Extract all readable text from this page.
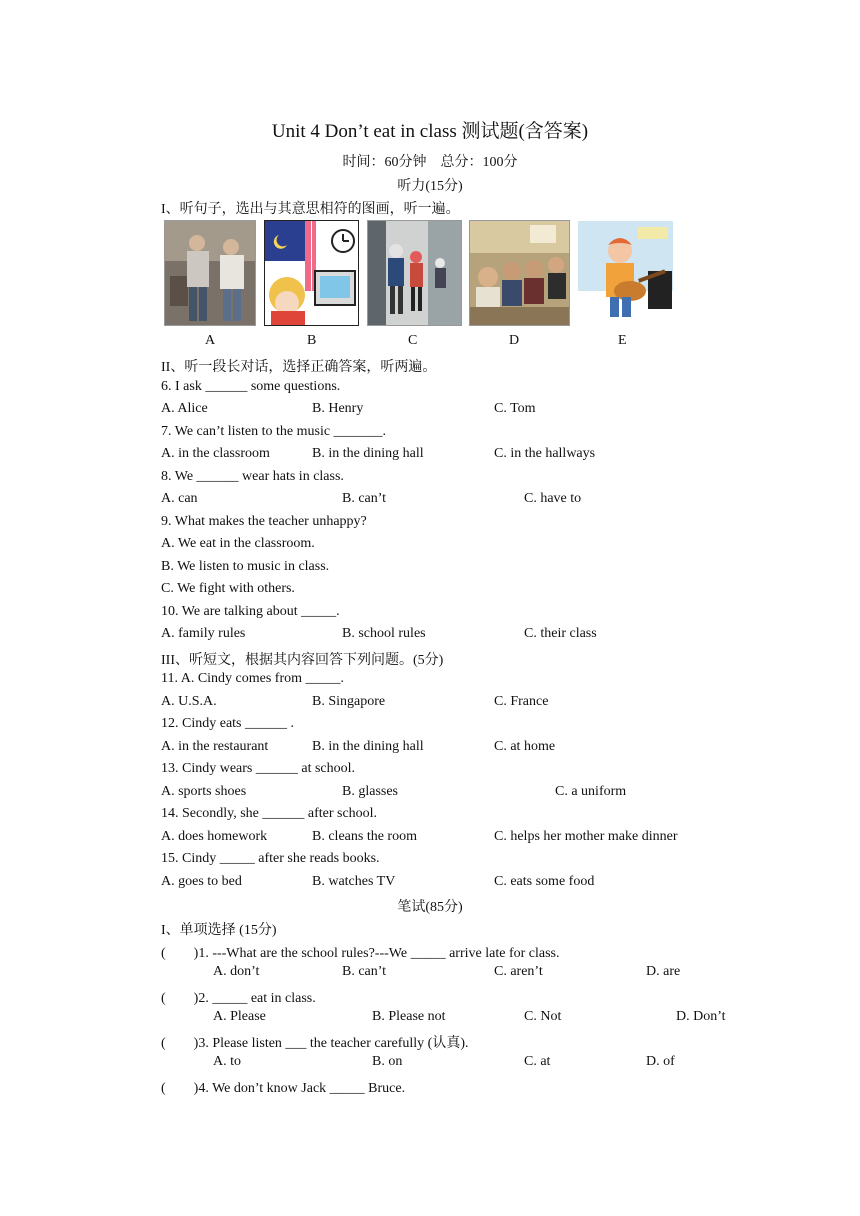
Unit 4 Don’t eat in class 测试题(含答案)
时间：60分钟　总分：100分
听力(15分)
I、听句子，选出与其意思相符的图画，听一遍。
A	B	C	D	E
II、听一段长对话，选择正确答案，听两遍。
6. I ask ______ some questions.
A. Alice	B. Henry	C. Tom
7. We can’t listen to the music _______.
A. in the classroom	B. in the dining hall	C. in the hallways
8. We ______ wear hats in class.
A. can	B. can’t	C. have to
9. What makes the teacher unhappy?
A. We eat in the classroom.
B. We listen to music in class.
C. We fight with others.
10. We are talking about _____.
A. family rules	B. school rules	C. their class
III、听短文，根据其内容回答下列问题。(5分)
11. A. Cindy comes from _____.
A. U.S.A.	B. Singapore	C. France
12. Cindy eats ______ .
A. in the restaurant	B. in the dining hall	C. at home
13. Cindy wears ______ at school.
A. sports shoes	B. glasses	C. a uniform
14. Secondly, she ______ after school.
A. does homework	B. cleans the room	C. helps her mother make dinner
15. Cindy _____ after she reads books.
A. goes to bed	B. watches TV	C. eats some food
笔试(85分)
I、单项选择 (15分)
(　　)1. ---What are the school rules?---We _____ arrive late for class.
A. don’t	B. can’t	C. aren’t	D. are
(　　)2. _____ eat in class.
A. Please	B. Please not	C. Not	D. Don’t
(　　)3. Please listen ___ the teacher carefully (认真).
A. to	B. on	C. at	D. of
(　　)4. We don’t know Jack _____ Bruce.
